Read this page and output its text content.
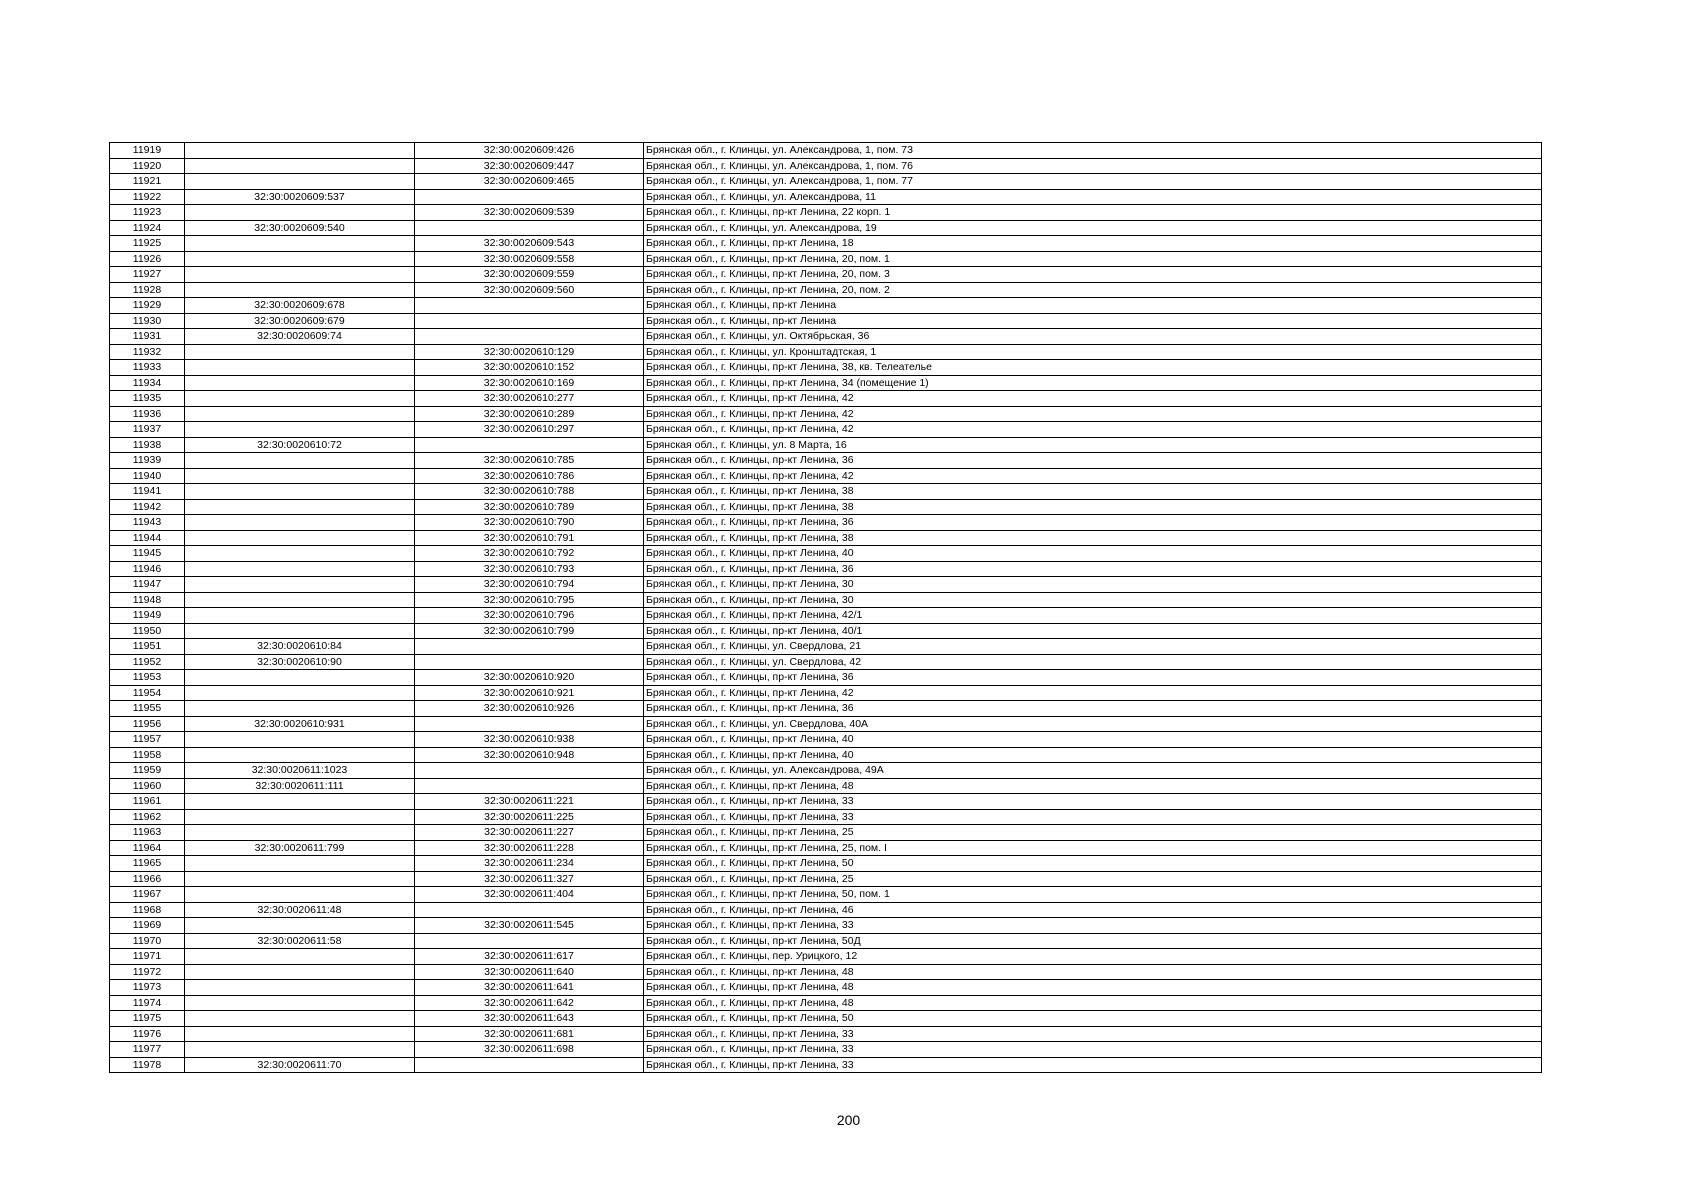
11919		32:30:0020609:426	Брянская обл., г. Клинцы, ул. Александрова, 1, пом. 73
11920		32:30:0020609:447	Брянская обл., г. Клинцы, ул. Александрова, 1, пом. 76
11921		32:30:0020609:465	Брянская обл., г. Клинцы, ул. Александрова, 1, пом. 77
11922	32:30:0020609:537		Брянская обл., г. Клинцы, ул. Александрова, 11
11923		32:30:0020609:539	Брянская обл., г. Клинцы, пр-кт Ленина, 22 корп. 1
11924	32:30:0020609:540		Брянская обл., г. Клинцы, ул. Александрова, 19
11925		32:30:0020609:543	Брянская обл., г. Клинцы, пр-кт Ленина, 18
11926		32:30:0020609:558	Брянская обл., г. Клинцы, пр-кт Ленина, 20, пом. 1
11927		32:30:0020609:559	Брянская обл., г. Клинцы, пр-кт Ленина, 20, пом. 3
11928		32:30:0020609:560	Брянская обл., г. Клинцы, пр-кт Ленина, 20, пом. 2
11929	32:30:0020609:678		Брянская обл., г. Клинцы, пр-кт Ленина
11930	32:30:0020609:679		Брянская обл., г. Клинцы, пр-кт Ленина
11931	32:30:0020609:74		Брянская обл., г. Клинцы, ул. Октябрьская, 36
11932		32:30:0020610:129	Брянская обл., г. Клинцы, ул. Кронштадтская, 1
11933		32:30:0020610:152	Брянская обл., г. Клинцы, пр-кт Ленина, 38, кв. Телеателье
11934		32:30:0020610:169	Брянская обл., г. Клинцы, пр-кт Ленина, 34 (помещение 1)
11935		32:30:0020610:277	Брянская обл., г. Клинцы, пр-кт Ленина, 42
11936		32:30:0020610:289	Брянская обл., г. Клинцы, пр-кт Ленина, 42
11937		32:30:0020610:297	Брянская обл., г. Клинцы, пр-кт Ленина, 42
11938	32:30:0020610:72		Брянская обл., г. Клинцы, ул. 8 Марта, 16
11939		32:30:0020610:785	Брянская обл., г. Клинцы, пр-кт Ленина, 36
11940		32:30:0020610:786	Брянская обл., г. Клинцы, пр-кт Ленина, 42
11941		32:30:0020610:788	Брянская обл., г. Клинцы, пр-кт Ленина, 38
11942		32:30:0020610:789	Брянская обл., г. Клинцы, пр-кт Ленина, 38
11943		32:30:0020610:790	Брянская обл., г. Клинцы, пр-кт Ленина, 36
11944		32:30:0020610:791	Брянская обл., г. Клинцы, пр-кт Ленина, 38
11945		32:30:0020610:792	Брянская обл., г. Клинцы, пр-кт Ленина, 40
11946		32:30:0020610:793	Брянская обл., г. Клинцы, пр-кт Ленина, 36
11947		32:30:0020610:794	Брянская обл., г. Клинцы, пр-кт Ленина, 30
11948		32:30:0020610:795	Брянская обл., г. Клинцы, пр-кт Ленина, 30
11949		32:30:0020610:796	Брянская обл., г. Клинцы, пр-кт Ленина, 42/1
11950		32:30:0020610:799	Брянская обл., г. Клинцы, пр-кт Ленина, 40/1
11951	32:30:0020610:84		Брянская обл., г. Клинцы, ул. Свердлова, 21
11952	32:30:0020610:90		Брянская обл., г. Клинцы, ул. Свердлова, 42
11953		32:30:0020610:920	Брянская обл., г. Клинцы, пр-кт Ленина, 36
11954		32:30:0020610:921	Брянская обл., г. Клинцы, пр-кт Ленина, 42
11955		32:30:0020610:926	Брянская обл., г. Клинцы, пр-кт Ленина, 36
11956	32:30:0020610:931		Брянская обл., г. Клинцы, ул. Свердлова, 40А
11957		32:30:0020610:938	Брянская обл., г. Клинцы, пр-кт Ленина, 40
11958		32:30:0020610:948	Брянская обл., г. Клинцы, пр-кт Ленина, 40
11959	32:30:0020611:1023		Брянская обл., г. Клинцы, ул. Александрова, 49А
11960	32:30:0020611:111		Брянская обл., г. Клинцы, пр-кт Ленина, 48
11961		32:30:0020611:221	Брянская обл., г. Клинцы, пр-кт Ленина, 33
11962		32:30:0020611:225	Брянская обл., г. Клинцы, пр-кт Ленина, 33
11963		32:30:0020611:227	Брянская обл., г. Клинцы, пр-кт Ленина, 25
11964	32:30:0020611:799	32:30:0020611:228	Брянская обл., г. Клинцы, пр-кт Ленина, 25, пом. I
11965		32:30:0020611:234	Брянская обл., г. Клинцы, пр-кт Ленина, 50
11966		32:30:0020611:327	Брянская обл., г. Клинцы, пр-кт Ленина, 25
11967		32:30:0020611:404	Брянская обл., г. Клинцы, пр-кт Ленина, 50, пом. 1
11968	32:30:0020611:48		Брянская обл., г. Клинцы, пр-кт Ленина, 46
11969		32:30:0020611:545	Брянская обл., г. Клинцы, пр-кт Ленина, 33
11970	32:30:0020611:58		Брянская обл., г. Клинцы, пр-кт Ленина, 50Д
11971		32:30:0020611:617	Брянская обл., г. Клинцы, пер. Урицкого, 12
11972		32:30:0020611:640	Брянская обл., г. Клинцы, пр-кт Ленина, 48
11973		32:30:0020611:641	Брянская обл., г. Клинцы, пр-кт Ленина, 48
11974		32:30:0020611:642	Брянская обл., г. Клинцы, пр-кт Ленина, 48
11975		32:30:0020611:643	Брянская обл., г. Клинцы, пр-кт Ленина, 50
11976		32:30:0020611:681	Брянская обл., г. Клинцы, пр-кт Ленина, 33
11977		32:30:0020611:698	Брянская обл., г. Клинцы, пр-кт Ленина, 33
11978	32:30:0020611:70		Брянская обл., г. Клинцы, пр-кт Ленина, 33
200
